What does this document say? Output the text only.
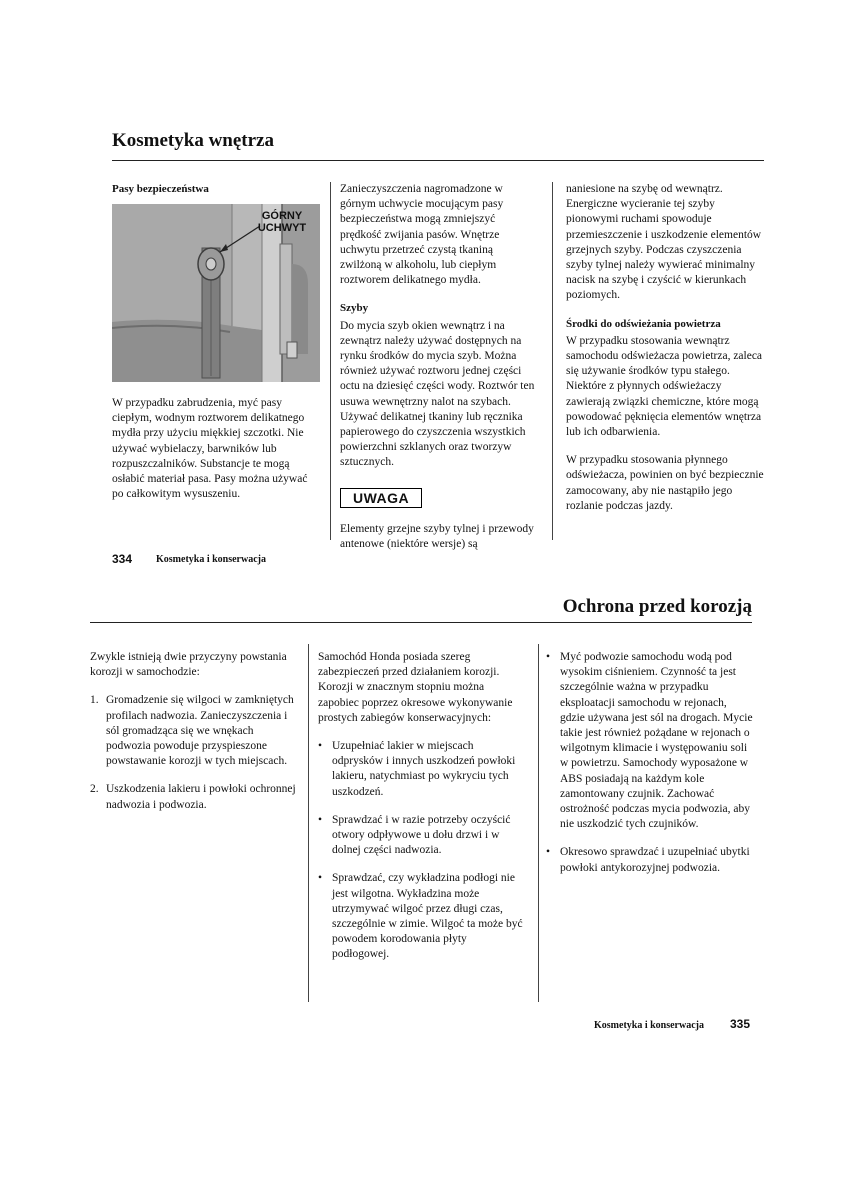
Kosmetyka wnętrza
Pasy bezpieczeństwa
GÓRNY UCHWYT

W przypadku zabrudzenia, myć pasy ciepłym, wodnym roztworem delikatnego mydła przy użyciu miękkiej szczotki. Nie używać wybielaczy, barwników lub rozpuszczalników. Substancje te mogą osłabić materiał pasa. Pasy można używać po całkowitym wysuszeniu.

Zanieczyszczenia nagromadzone w górnym uchwycie mocującym pasy bezpieczeństwa mogą zmniejszyć prędkość zwijania pasów. Wnętrze uchwytu przetrzeć czystą tkaniną zwilżoną w alkoholu, lub ciepłym roztworem delikatnego mydła.

Szyby

Do mycia szyb okien wewnątrz i na zewnątrz należy używać dostępnych na rynku środków do mycia szyb. Można również używać roztworu jednej części octu na dziesięć części wody. Roztwór ten usuwa wewnętrzny nalot na szybach. Używać delikatnej tkaniny lub ręcznika papierowego do czyszczenia wszystkich powierzchni szklanych oraz tworzyw sztucznych.

UWAGA

Elementy grzejne szyby tylnej i przewody antenowe (niektóre wersje) są

naniesione na szybę od wewnątrz. Energiczne wycieranie tej szyby pionowymi ruchami spowoduje przemieszczenie i uszkodzenie elementów grzejnych szyby. Podczas czyszczenia szyby tylnej należy wywierać minimalny nacisk na szybę i czyścić w kierunkach poziomych.

Środki do odświeżania powietrza

W przypadku stosowania wewnątrz samochodu odświeżacza powietrza, zaleca się używanie środków typu stałego. Niektóre z płynnych odświeżaczy zawierają związki chemiczne, które mogą powodować pęknięcia elementów wnętrza lub ich odbarwienia.

W przypadku stosowania płynnego odświeżacza, powinien on być bezpiecznie zamocowany, aby nie nastąpiło jego rozlanie podczas jazdy.

334 Kosmetyka i konserwacja
Ochrona przed korozją

Zwykle istnieją dwie przyczyny powstania korozji w samochodzie:

1. Gromadzenie się wilgoci w zamkniętych profilach nadwozia. Zanieczyszczenia i sól gromadząca się we wnękach podwozia powoduje przyspieszone powstawanie korozji w tych miejscach.
2. Uszkodzenia lakieru i powłoki ochronnej nadwozia i podwozia.

Samochód Honda posiada szereg zabezpieczeń przed działaniem korozji. Korozji w znacznym stopniu można zapobiec poprzez okresowe wykonywanie prostych zabiegów konserwacyjnych:

• Uzupełniać lakier w miejscach odprysków i innych uszkodzeń powłoki lakieru, natychmiast po wykryciu tych uszkodzeń.
• Sprawdzać i w razie potrzeby oczyścić otwory odpływowe u dołu drzwi i w dolnej części nadwozia.
• Sprawdzać, czy wykładzina podłogi nie jest wilgotna. Wykładzina może utrzymywać wilgoć przez długi czas, szczególnie w zimie. Wilgoć ta może być powodem korodowania płyty podłogowej.
• Myć podwozie samochodu wodą pod wysokim ciśnieniem. Czynność ta jest szczególnie ważna w przypadku eksploatacji samochodu w rejonach, gdzie używana jest sól na drogach. Mycie takie jest również pożądane w rejonach o wilgotnym klimacie i występowaniu soli w powietrzu. Samochody wyposażone w ABS posiadają na każdym kole zamontowany czujnik. Zachować ostrożność podczas mycia podwozia, aby nie uszkodzić tych czujników.
• Okresowo sprawdzać i uzupełniać ubytki powłoki antykorozyjnej podwozia.
Kosmetyka i konserwacja 335
